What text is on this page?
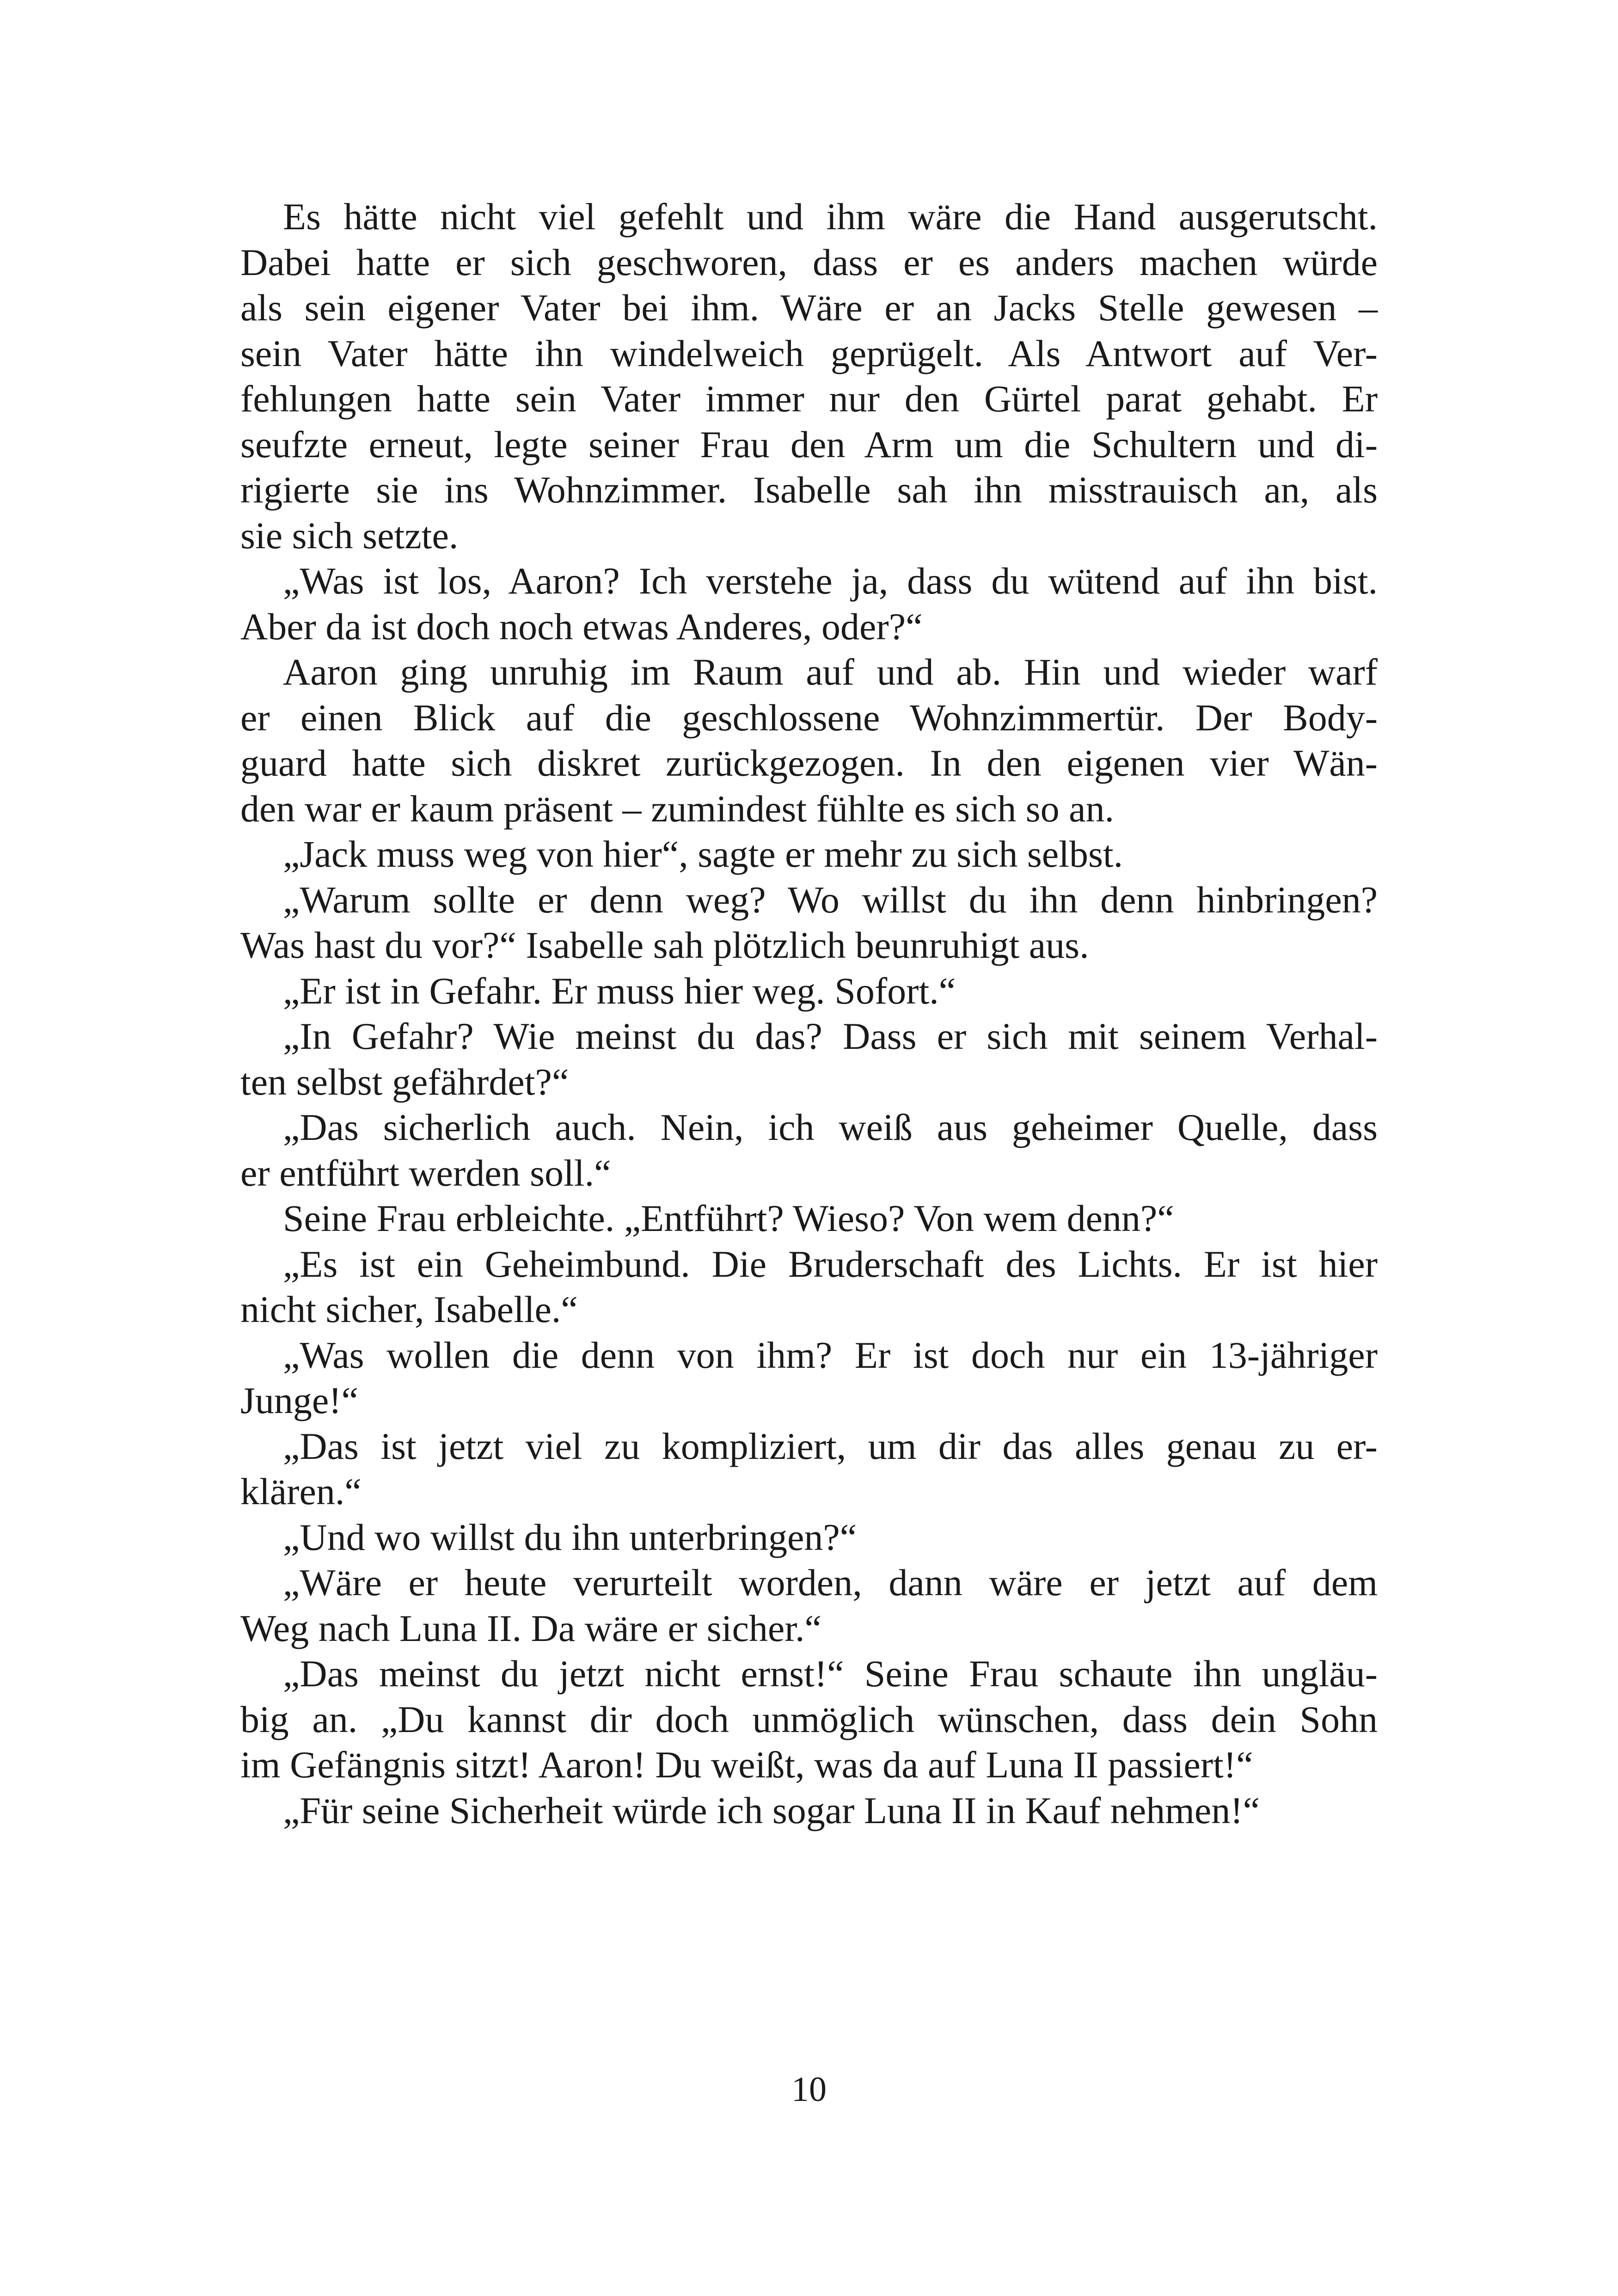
Es hätte nicht viel gefehlt und ihm wäre die Hand ausgerutscht.
Dabei hatte er sich geschworen, dass er es anders machen würde
als sein eigener Vater bei ihm. Wäre er an Jacks Stelle gewesen –
sein Vater hätte ihn windelweich geprügelt. Als Antwort auf Ver-
fehlungen hatte sein Vater immer nur den Gürtel parat gehabt. Er
seufzte erneut, legte seiner Frau den Arm um die Schultern und di-
rigierte sie ins Wohnzimmer. Isabelle sah ihn misstrauisch an, als
sie sich setzte.
„Was ist los, Aaron? Ich verstehe ja, dass du wütend auf ihn bist.
Aber da ist doch noch etwas Anderes, oder?“
Aaron ging unruhig im Raum auf und ab. Hin und wieder warf
er einen Blick auf die geschlossene Wohnzimmertür. Der Body-
guard hatte sich diskret zurückgezogen. In den eigenen vier Wän-
den war er kaum präsent – zumindest fühlte es sich so an.
„Jack muss weg von hier“, sagte er mehr zu sich selbst.
„Warum sollte er denn weg? Wo willst du ihn denn hinbringen?
Was hast du vor?“ Isabelle sah plötzlich beunruhigt aus.
„Er ist in Gefahr. Er muss hier weg. Sofort.“
„In Gefahr? Wie meinst du das? Dass er sich mit seinem Verhal-
ten selbst gefährdet?“
„Das sicherlich auch. Nein, ich weiß aus geheimer Quelle, dass
er entführt werden soll.“
Seine Frau erbleichte. „Entführt? Wieso? Von wem denn?“
„Es ist ein Geheimbund. Die Bruderschaft des Lichts. Er ist hier
nicht sicher, Isabelle.“
„Was wollen die denn von ihm? Er ist doch nur ein 13-jähriger
Junge!“
„Das ist jetzt viel zu kompliziert, um dir das alles genau zu er-
klären.“
„Und wo willst du ihn unterbringen?“
„Wäre er heute verurteilt worden, dann wäre er jetzt auf dem
Weg nach Luna II. Da wäre er sicher.“
„Das meinst du jetzt nicht ernst!“ Seine Frau schaute ihn ungläu-
big an. „Du kannst dir doch unmöglich wünschen, dass dein Sohn
im Gefängnis sitzt! Aaron! Du weißt, was da auf Luna II passiert!“
„Für seine Sicherheit würde ich sogar Luna II in Kauf nehmen!“
10
